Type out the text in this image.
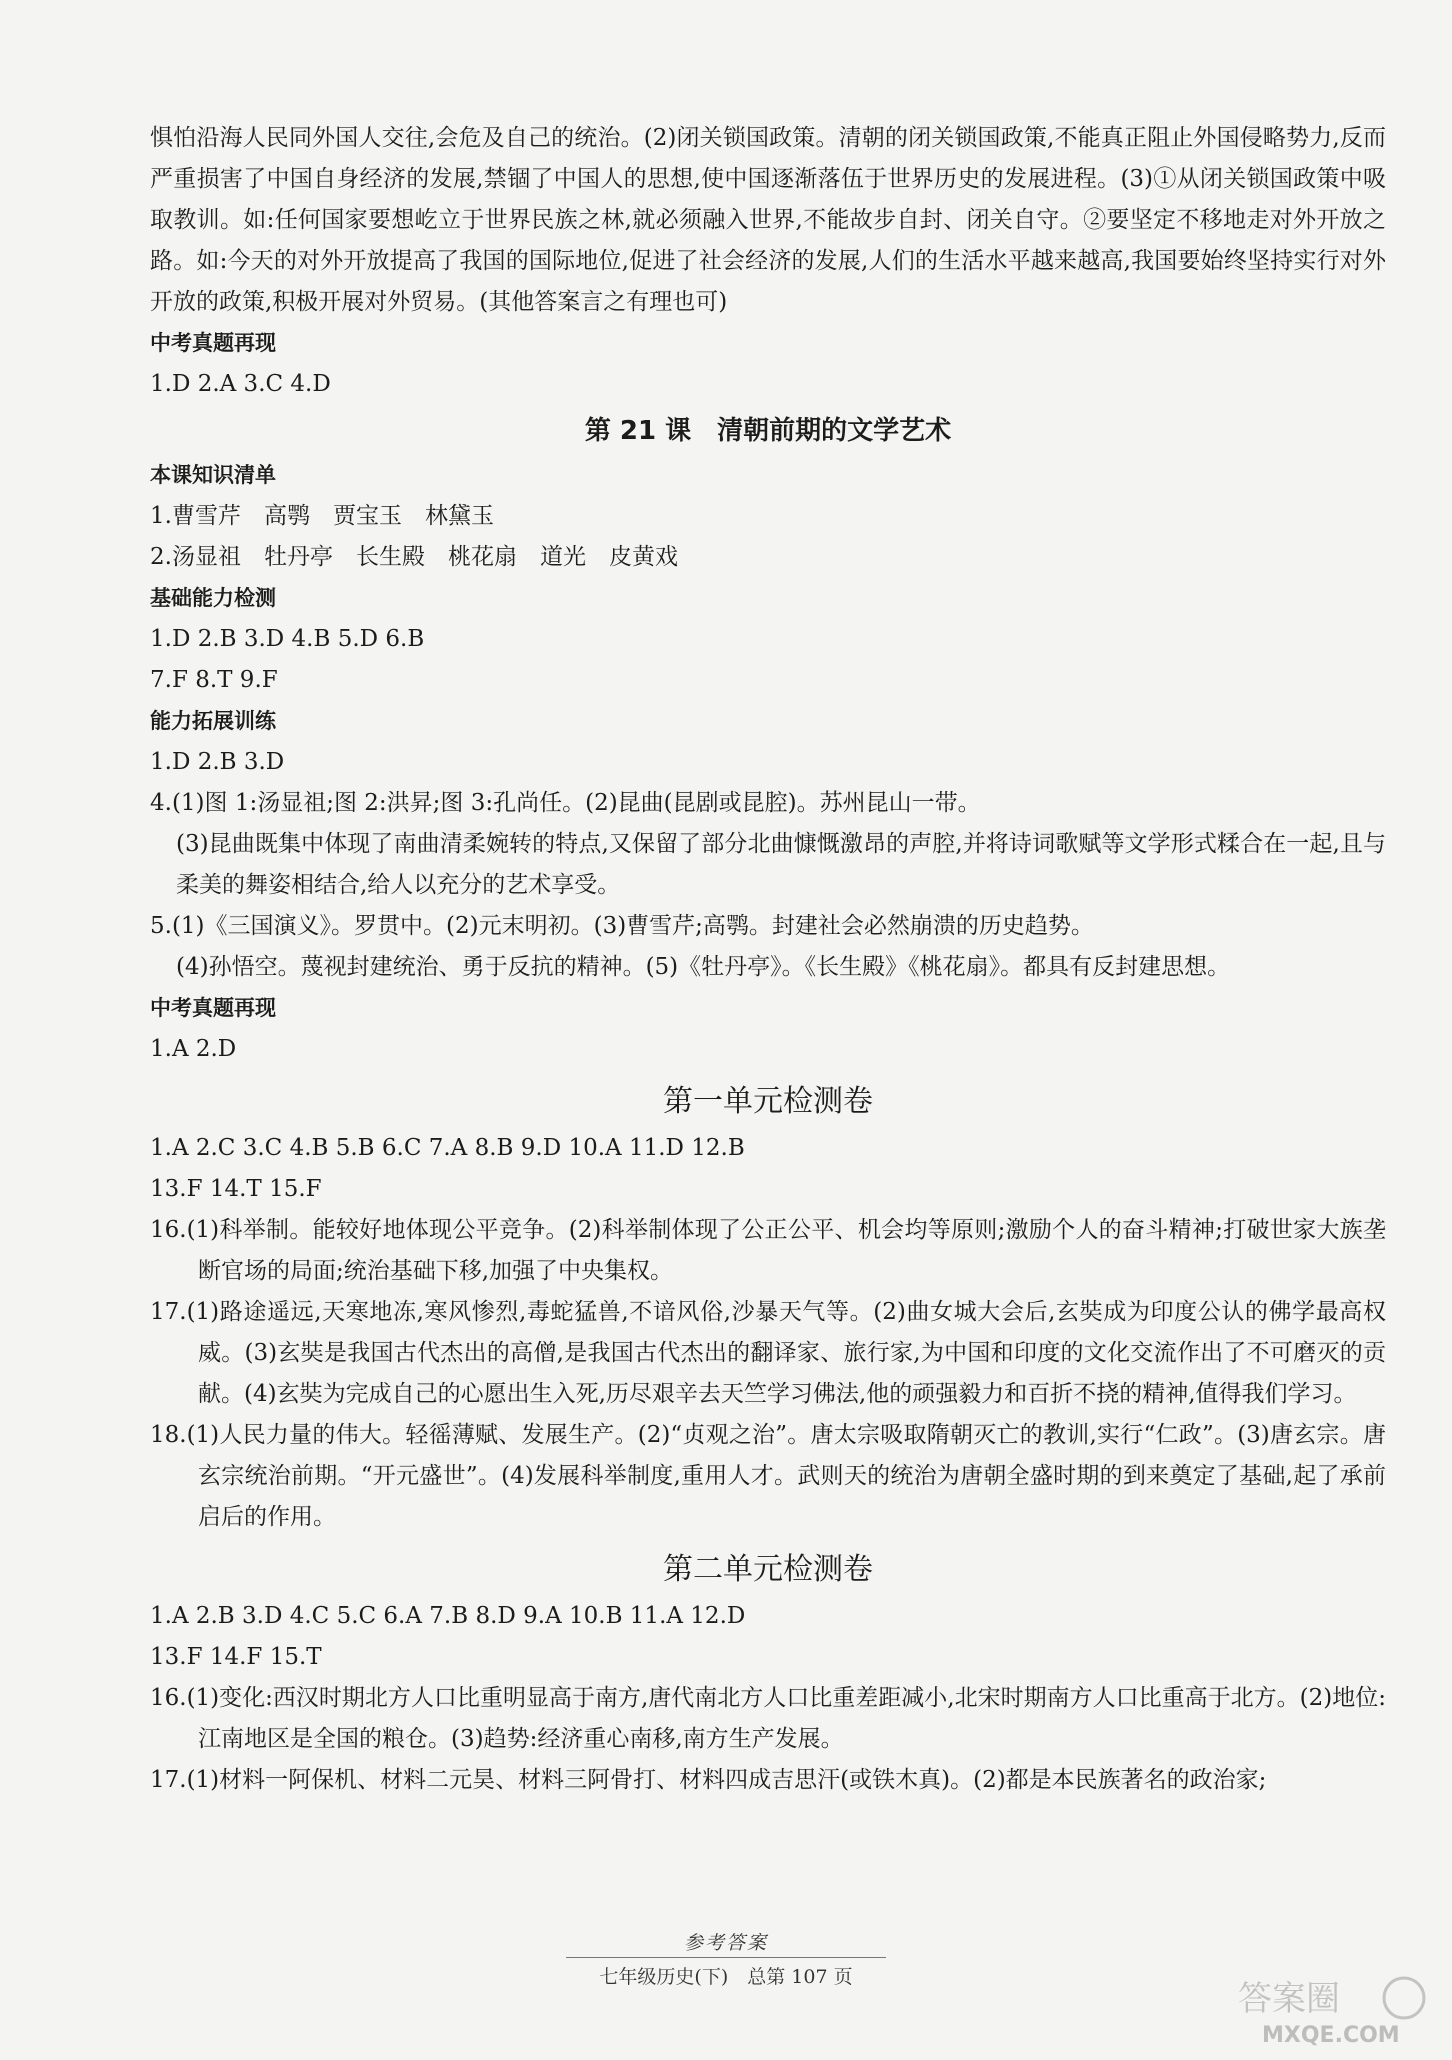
惧怕沿海人民同外国人交往,会危及自己的统治。(2)闭关锁国政策。清朝的闭关锁国政策,不能真正阻止外国侵略势力,反而严重损害了中国自身经济的发展,禁锢了中国人的思想,使中国逐渐落伍于世界历史的发展进程。(3)①从闭关锁国政策中吸取教训。如:任何国家要想屹立于世界民族之林,就必须融入世界,不能故步自封、闭关自守。②要坚定不移地走对外开放之路。如:今天的对外开放提高了我国的国际地位,促进了社会经济的发展,人们的生活水平越来越高,我国要始终坚持实行对外开放的政策,积极开展对外贸易。(其他答案言之有理也可)

中考真题再现

1.D 2.A 3.C 4.D

第 21 课　清朝前期的文学艺术

本课知识清单

1.曹雪芹　高鹗　贾宝玉　林黛玉

2.汤显祖　牡丹亭　长生殿　桃花扇　道光　皮黄戏

基础能力检测

1.D 2.B 3.D 4.B 5.D 6.B

7.F 8.T 9.F

能力拓展训练

1.D 2.B 3.D

4.(1)图 1:汤显祖;图 2:洪昇;图 3:孔尚任。(2)昆曲(昆剧或昆腔)。苏州昆山一带。

(3)昆曲既集中体现了南曲清柔婉转的特点,又保留了部分北曲慷慨激昂的声腔,并将诗词歌赋等文学形式糅合在一起,且与柔美的舞姿相结合,给人以充分的艺术享受。

5.(1)《三国演义》。罗贯中。(2)元末明初。(3)曹雪芹;高鹗。封建社会必然崩溃的历史趋势。

(4)孙悟空。蔑视封建统治、勇于反抗的精神。(5)《牡丹亭》。《长生殿》《桃花扇》。都具有反封建思想。

中考真题再现

1.A 2.D

第一单元检测卷

1.A 2.C 3.C 4.B 5.B 6.C 7.A 8.B 9.D 10.A 11.D 12.B

13.F 14.T 15.F

16.(1)科举制。能较好地体现公平竞争。(2)科举制体现了公正公平、机会均等原则;激励个人的奋斗精神;打破世家大族垄断官场的局面;统治基础下移,加强了中央集权。

17.(1)路途遥远,天寒地冻,寒风惨烈,毒蛇猛兽,不谙风俗,沙暴天气等。(2)曲女城大会后,玄奘成为印度公认的佛学最高权威。(3)玄奘是我国古代杰出的高僧,是我国古代杰出的翻译家、旅行家,为中国和印度的文化交流作出了不可磨灭的贡献。(4)玄奘为完成自己的心愿出生入死,历尽艰辛去天竺学习佛法,他的顽强毅力和百折不挠的精神,值得我们学习。

18.(1)人民力量的伟大。轻徭薄赋、发展生产。(2)“贞观之治”。唐太宗吸取隋朝灭亡的教训,实行“仁政”。(3)唐玄宗。唐玄宗统治前期。“开元盛世”。(4)发展科举制度,重用人才。武则天的统治为唐朝全盛时期的到来奠定了基础,起了承前启后的作用。

第二单元检测卷

1.A 2.B 3.D 4.C 5.C 6.A 7.B 8.D 9.A 10.B 11.A 12.D

13.F 14.F 15.T

16.(1)变化:西汉时期北方人口比重明显高于南方,唐代南北方人口比重差距减小,北宋时期南方人口比重高于北方。(2)地位:江南地区是全国的粮仓。(3)趋势:经济重心南移,南方生产发展。

17.(1)材料一阿保机、材料二元昊、材料三阿骨打、材料四成吉思汗(或铁木真)。(2)都是本民族著名的政治家;

参考答案
七年级历史(下)　总第 107 页
答案圈
MXQE.COM
